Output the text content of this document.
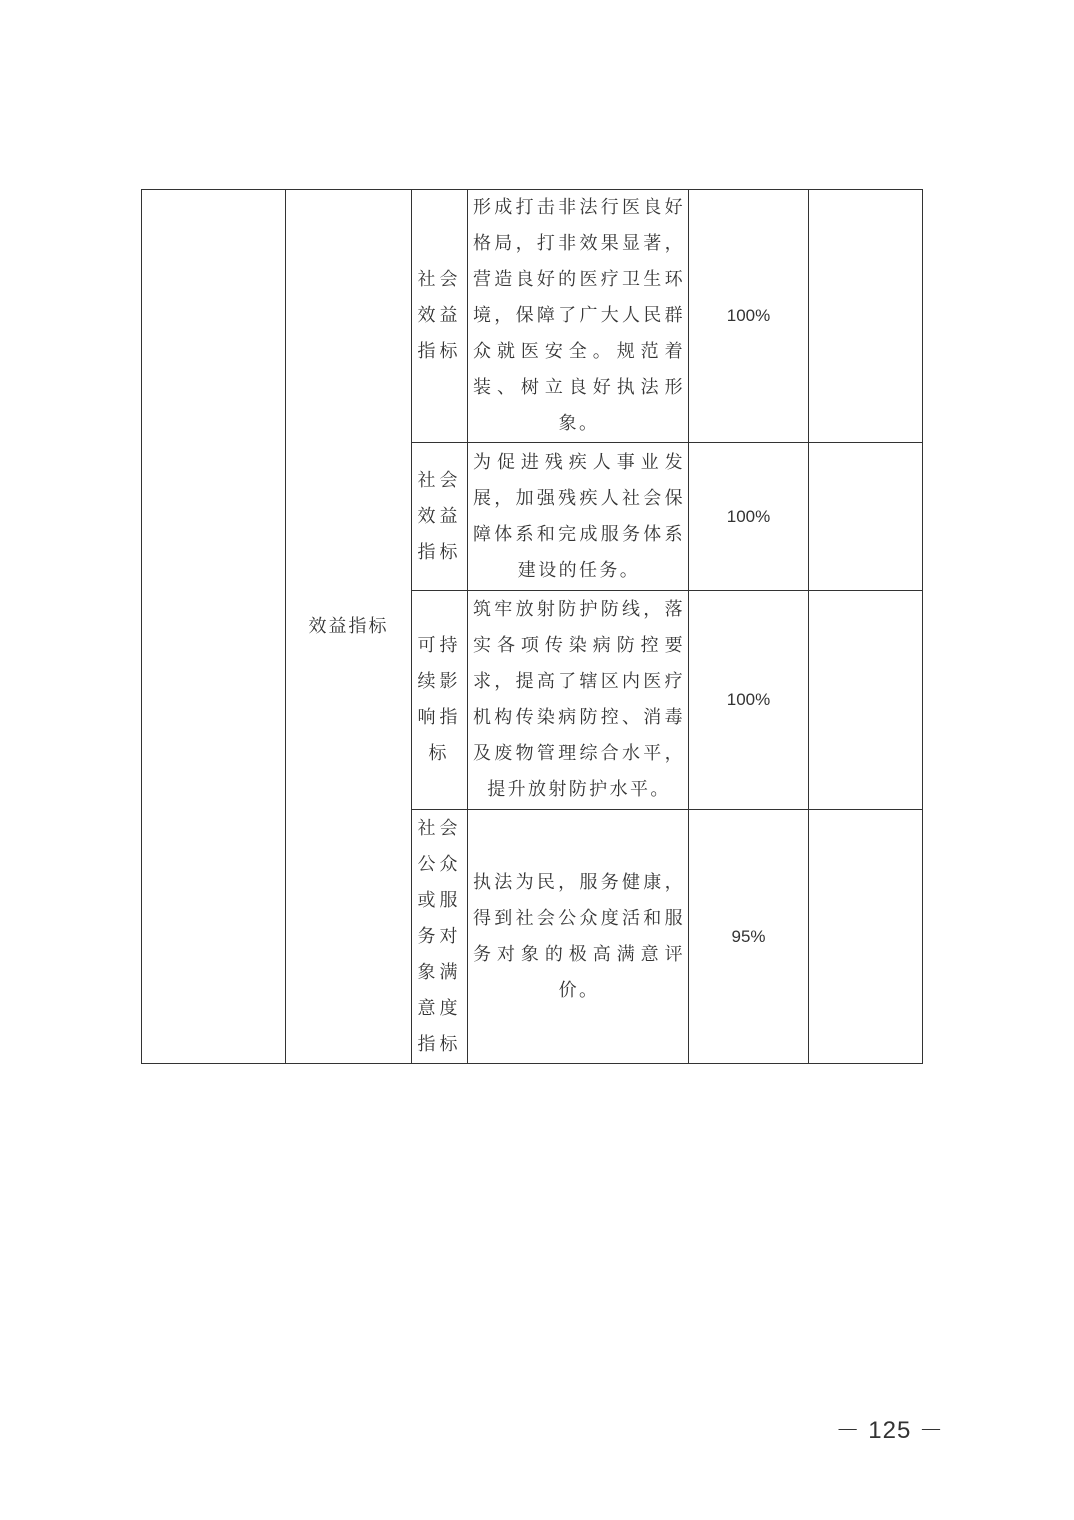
	效益指标	社会效益指标	形成打击非法行医良好格局，打非效果显著，营造良好的医疗卫生环境，保障了广大人民群众就医安全。规范着装、树立良好执法形象。	100%	
		社会效益指标	为促进残疾人事业发展，加强残疾人社会保障体系和完成服务体系建设的任务。	100%	
		可持续影响指标	筑牢放射防护防线，落实各项传染病防控要求，提高了辖区内医疗机构传染病防控、消毒及废物管理综合水平，提升放射防护水平。	100%	
		社会公众或服务对象满意度指标	执法为民，服务健康，得到社会公众度活和服务对象的极高满意评价。	95%	
－ 125 －
